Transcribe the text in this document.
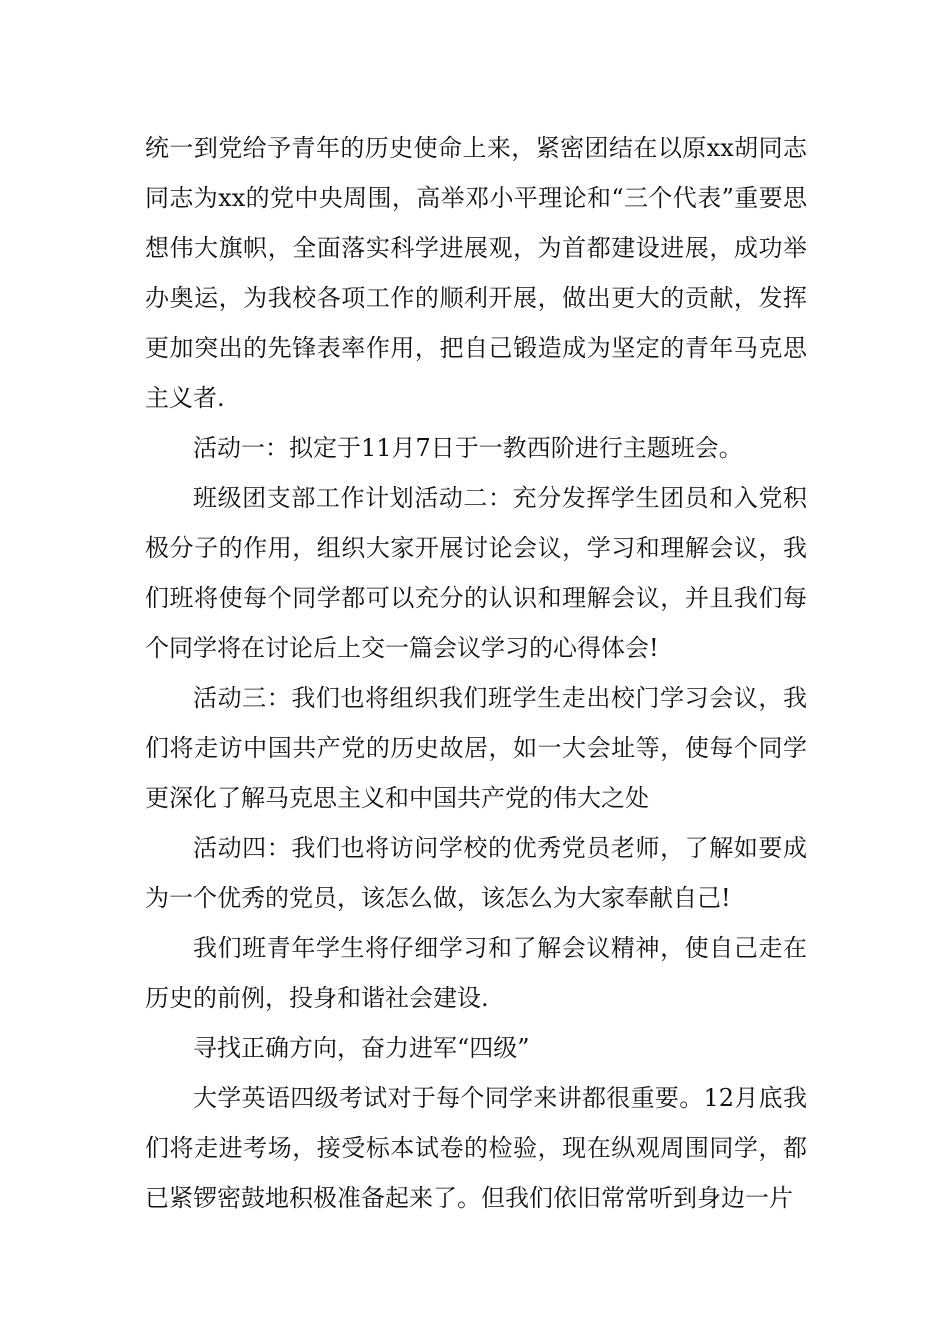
统一到党给予青年的历史使命上来，紧密团结在以原xx胡同志同志为xx的党中央周围，高举邓小平理论和“三个代表”重要思想伟大旗帜，全面落实科学进展观，为首都建设进展，成功举办奥运，为我校各项工作的顺利开展，做出更大的贡献，发挥更加突出的先锋表率作用，把自己锻造成为坚定的青年马克思主义者.

活动一：拟定于11月7日于一教西阶进行主题班会。

班级团支部工作计划活动二：充分发挥学生团员和入党积极分子的作用，组织大家开展讨论会议，学习和理解会议，我们班将使每个同学都可以充分的认识和理解会议，并且我们每个同学将在讨论后上交一篇会议学习的心得体会!

活动三：我们也将组织我们班学生走出校门学习会议，我们将走访中国共产党的历史故居，如一大会址等，使每个同学更深化了解马克思主义和中国共产党的伟大之处

活动四：我们也将访问学校的优秀党员老师，了解如要成为一个优秀的党员，该怎么做，该怎么为大家奉献自己!

我们班青年学生将仔细学习和了解会议精神，使自己走在历史的前例，投身和谐社会建设.

寻找正确方向，奋力进军“四级”

大学英语四级考试对于每个同学来讲都很重要。12月底我们将走进考场，接受标本试卷的检验，现在纵观周围同学，都已紧锣密鼓地积极准备起来了。但我们依旧常常听到身边一片
